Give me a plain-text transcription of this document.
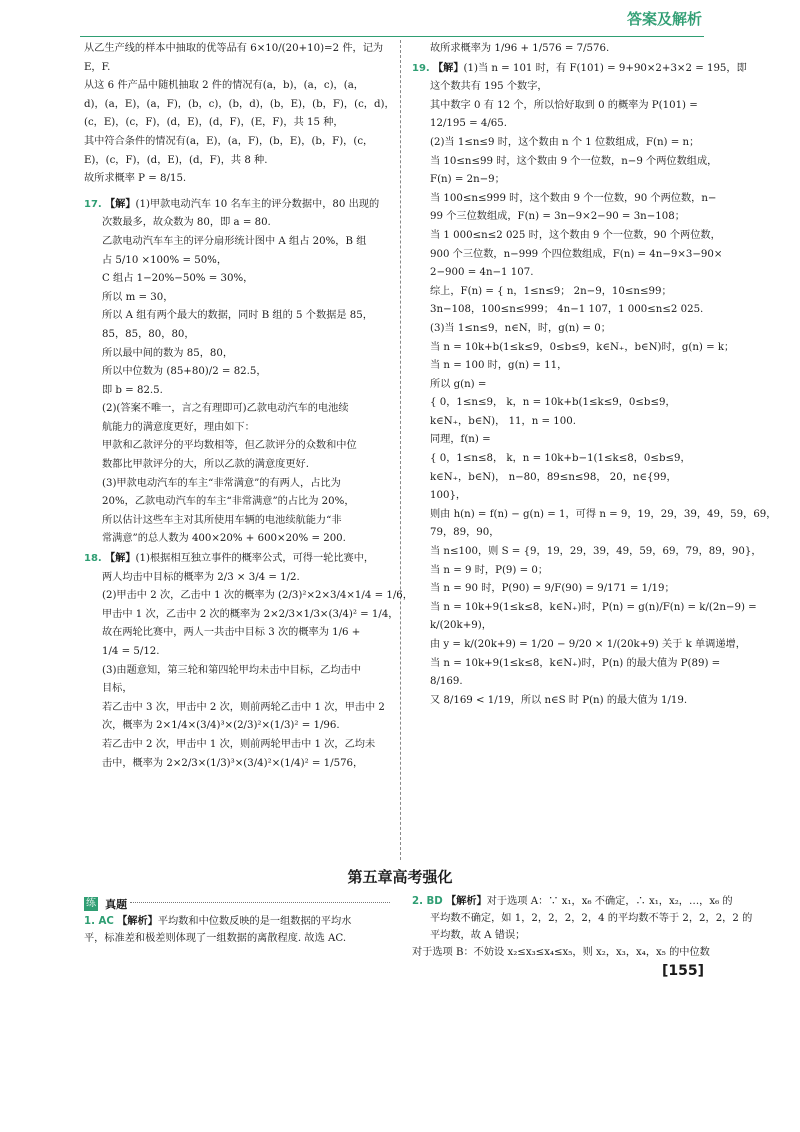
答案及解析
从乙生产线的样本中抽取的优等品有 6×10/(20+10)=2 件，记为
E，F.
从这 6 件产品中随机抽取 2 件的情况有(a，b)，(a，c)，(a，
d)，(a，E)，(a，F)，(b，c)，(b，d)，(b，E)，(b，F)，(c，d)，
(c，E)，(c，F)，(d，E)，(d，F)，(E，F)，共 15 种，
其中符合条件的情况有(a，E)，(a，F)，(b，E)，(b，F)，(c，
E)，(c，F)，(d，E)，(d，F)，共 8 种.
故所求概率 P = 8/15.
17. 【解】(1)甲款电动汽车 10 名车主的评分数据中，80 出现的
次数最多，故众数为 80，即 a = 80.
乙款电动汽车车主的评分扇形统计图中 A 组占 20%，B 组
占 5/10 ×100% = 50%，
C 组占 1−20%−50% = 30%，
所以 m = 30，
所以 A 组有两个最大的数据，同时 B 组的 5 个数据是 85，
85，85，80，80，
所以最中间的数为 85，80，
所以中位数为 (85+80)/2 = 82.5，
即 b = 82.5.
(2)(答案不唯一，言之有理即可)乙款电动汽车的电池续
航能力的满意度更好，理由如下：
甲款和乙款评分的平均数相等，但乙款评分的众数和中位
数都比甲款评分的大，所以乙款的满意度更好.
(3)甲款电动汽车的车主“非常满意”的有两人，占比为
20%，乙款电动汽车的车主“非常满意”的占比为 20%，
所以估计这些车主对其所使用车辆的电池续航能力“非
常满意”的总人数为 400×20% + 600×20% = 200.
18. 【解】(1)根据相互独立事件的概率公式，可得一轮比赛中，
两人均击中目标的概率为 2/3 × 3/4 = 1/2.
(2)甲击中 2 次，乙击中 1 次的概率为 (2/3)²×2×3/4×1/4 = 1/6，
甲击中 1 次，乙击中 2 次的概率为 2×2/3×1/3×(3/4)² = 1/4，
故在两轮比赛中，两人一共击中目标 3 次的概率为 1/6 +
1/4 = 5/12.
(3)由题意知，第三轮和第四轮甲均未击中目标，乙均击中
目标，
若乙击中 3 次，甲击中 2 次，则前两轮乙击中 1 次，甲击中 2
次，概率为 2×1/4×(3/4)³×(2/3)²×(1/3)² = 1/96.
若乙击中 2 次，甲击中 1 次，则前两轮甲击中 1 次，乙均未
击中，概率为 2×2/3×(1/3)³×(3/4)²×(1/4)² = 1/576，
故所求概率为 1/96 + 1/576 = 7/576.
19. 【解】(1)当 n = 101 时，有 F(101) = 9+90×2+3×2 = 195，即
这个数共有 195 个数字，
其中数字 0 有 12 个，所以恰好取到 0 的概率为 P(101) =
12/195 = 4/65.
(2)当 1≤n≤9 时，这个数由 n 个 1 位数组成，F(n) = n；
当 10≤n≤99 时，这个数由 9 个一位数，n−9 个两位数组成，
F(n) = 2n−9；
当 100≤n≤999 时，这个数由 9 个一位数，90 个两位数，n−
99 个三位数组成，F(n) = 3n−9×2−90 = 3n−108；
当 1 000≤n≤2 025 时，这个数由 9 个一位数，90 个两位数，
900 个三位数，n−999 个四位数组成，F(n) = 4n−9×3−90×
2−900 = 4n−1 107.
综上，F(n) = { n，1≤n≤9； 2n−9，10≤n≤99； 3n−108，100≤n≤999； 4n−1 107，1 000≤n≤2 025.
(3)当 1≤n≤9，n∈N，时，g(n) = 0；
当 n = 10k+b(1≤k≤9，0≤b≤9，k∈N₊，b∈N)时，g(n) = k；
当 n = 100 时，g(n) = 11，
所以 g(n) =
{ 0，1≤n≤9， k，n = 10k+b(1≤k≤9，0≤b≤9，k∈N₊，b∈N)， 11，n = 100.
同理，f(n) =
{ 0，1≤n≤8， k，n = 10k+b−1(1≤k≤8，0≤b≤9，k∈N₊，b∈N)， n−80，89≤n≤98， 20，n∈{99，100}，
则由 h(n) = f(n) − g(n) = 1，可得 n = 9，19，29，39，49，59，69，
79，89，90，
当 n≤100，则 S = {9，19，29，39，49，59，69，79，89，90}，
当 n = 9 时，P(9) = 0；
当 n = 90 时，P(90) = 9/F(90) = 9/171 = 1/19；
当 n = 10k+9(1≤k≤8，k∈N₊)时，P(n) = g(n)/F(n) = k/(2n−9) =
k/(20k+9)，
由 y = k/(20k+9) = 1/20 − 9/20 × 1/(20k+9) 关于 k 单调递增，
当 n = 10k+9(1≤k≤8，k∈N₊)时，P(n) 的最大值为 P(89) =
8/169.
又 8/169 < 1/19，所以 n∈S 时 P(n) 的最大值为 1/19.
第五章高考强化
练 真题
1. AC 【解析】平均数和中位数反映的是一组数据的平均水
平，标准差和极差则体现了一组数据的离散程度. 故选 AC.
2. BD 【解析】对于选项 A：∵ x₁，x₆ 不确定，∴ x₁，x₂，…，x₆ 的
平均数不确定，如 1，2，2，2，2，4 的平均数不等于 2，2，2，2 的
平均数，故 A 错误；
对于选项 B：不妨设 x₂≤x₃≤x₄≤x₅，则 x₂，x₃，x₄，x₅ 的中位数
[155]
